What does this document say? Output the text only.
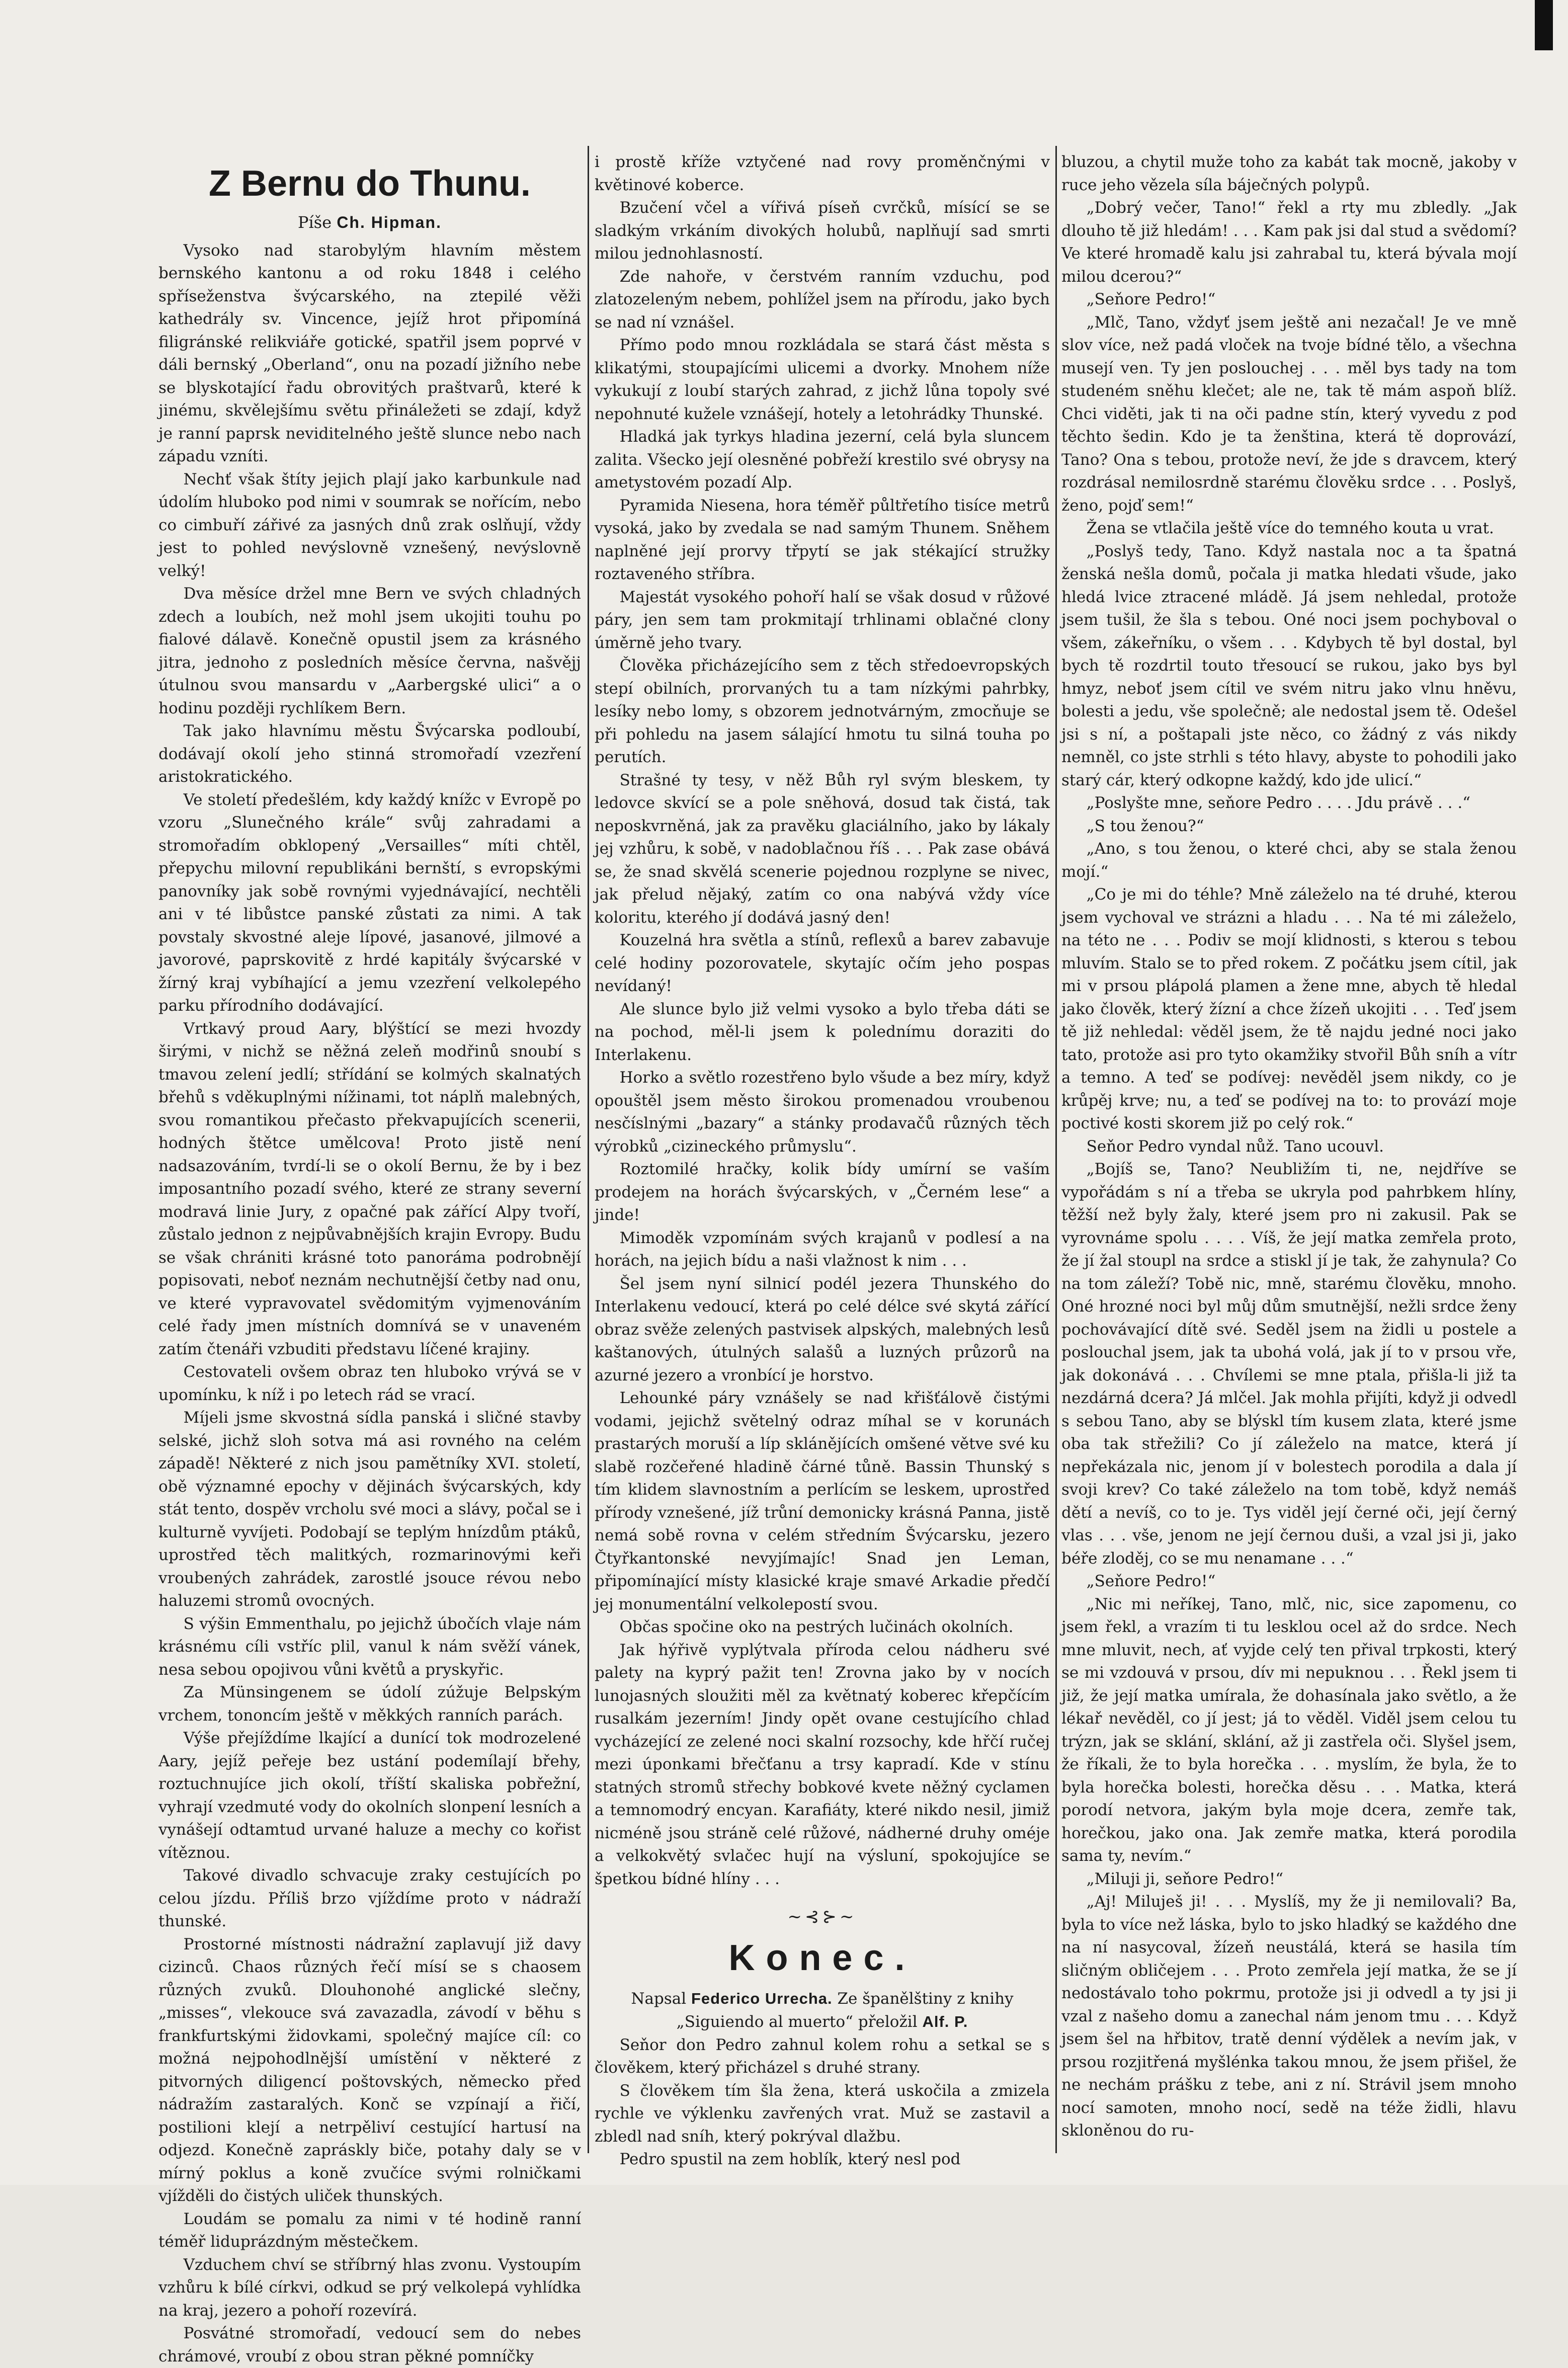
Z Bernu do Thunu.

Píše Ch. Hipman.

Vysoko nad starobylým hlavním městem bernského kantonu a od roku 1848 i celého spříseženstva švýcarského, na ztepilé věži kathedrály sv. Vincence, jejíž hrot připomíná filigránské relikviáře gotické, spatřil jsem poprvé v dáli bernský „Oberland“, onu na pozadí jižního nebe se blyskotající řadu obrovitých praštvarů, které k jinému, skvělejšímu světu přináležeti se zdají, když je ranní paprsk neviditelného ještě slunce nebo nach západu vzníti.

Nechť však štíty jejich plají jako karbunkule nad údolím hluboko pod nimi v soumrak se nořícím, nebo co cimbuří zářivé za jasných dnů zrak oslňují, vždy jest to pohled nevýslovně vznešený, nevýslovně velký!

Dva měsíce držel mne Bern ve svých chladných zdech a loubích, než mohl jsem ukojiti touhu po fialové dálavě. Konečně opustil jsem za krásného jitra, jednoho z posledních měsíce června, našvějj útulnou svou mansardu v „Aarbergské ulici“ a o hodinu později rychlíkem Bern.

Tak jako hlavnímu městu Švýcarska podloubí, dodávají okolí jeho stinná stromořadí vzezření aristokratického.

Ve století předešlém, kdy každý knížc v Evropě po vzoru „Slunečného krále“ svůj zahradami a stromořadím obklopený „Versailles“ míti chtěl, přepychu milovní republikáni bernští, s evropskými panovníky jak sobě rovnými vyjednávající, nechtěli ani v té libůstce panské zůstati za nimi. A tak povstaly skvostné aleje lípové, jasanové, jilmové a javorové, paprskovitě z hrdé kapitály švýcarské v žírný kraj vybíhající a jemu vzezření velkolepého parku přírodního dodávající.

Vrtkavý proud Aary, blýštící se mezi hvozdy širými, v nichž se něžná zeleň modřinů snoubí s tmavou zelení jedlí; střídání se kolmých skalnatých břehů s vděkuplnými nížinami, tot náplň malebných, svou romantikou přečasto překvapujících scenerii, hodných štětce umělcova! Proto jistě není nadsazováním, tvrdí-li se o okolí Bernu, že by i bez imposantního pozadí svého, které ze strany severní modravá linie Jury, z opačné pak zářící Alpy tvoří, zůstalo jednon z nejpůvabnějších krajin Evropy. Budu se však chrániti krásné toto panoráma podrobnějí popisovati, neboť neznám nechutnější četby nad onu, ve které vypravovatel svědomitým vyjmenováním celé řady jmen místních domnívá se v unaveném zatím čtenáři vzbuditi představu líčené krajiny.

Cestovateli ovšem obraz ten hluboko vrývá se v upomínku, k níž i po letech rád se vrací.

Míjeli jsme skvostná sídla panská i sličné stavby selské, jichž sloh sotva má asi rovného na celém západě! Některé z nich jsou pamětníky XVI. století, obě významné epochy v dějinách švýcarských, kdy stát tento, dospěv vrcholu své moci a slávy, počal se i kulturně vyvíjeti. Podobají se teplým hnízdům ptáků, uprostřed těch malitkých, rozmarinovými keři vroubených zahrádek, zarostlé jsouce révou nebo haluzemi stromů ovocných.

S výšin Emmenthalu, po jejichž úbočích vlaje nám krásnému cíli vstříc plil, vanul k nám svěží vánek, nesa sebou opojivou vůni květů a pryskyřic.

Za Münsingenem se údolí zúžuje Belpským vrchem, tononcím ještě v měkkých ranních parách.

Výše přejíždíme lkající a dunící tok modrozelené Aary, jejíž peřeje bez ustání podemílají břehy, roztuchnujíce jich okolí, tříští skaliska pobřežní, vyhrají vzedmuté vody do okolních slonpení lesních a vynášejí odtamtud urvané haluze a mechy co kořist vítěznou.

Takové divadlo schvacuje zraky cestujících po celou jízdu. Příliš brzo vjíždíme proto v nádraží thunské.

Prostorné místnosti nádražní zaplavují již davy cizinců. Chaos různých řečí mísí se s chaosem různých zvuků. Dlouhonohé anglické slečny, „misses“, vlekouce svá zavazadla, závodí v běhu s frankfurtskými židovkami, společný majíce cíl: co možná nejpohodlnější umístění v některé z pitvorných diligencí poštovských, německo před nádražím zastaralých. Konč se vzpínají a řičí, postilioni klejí a netrpěliví cestující hartusí na odjezd. Konečně zapráskly biče, potahy daly se v mírný poklus a koně zvučíce svými rolničkami vjížděli do čistých uliček thunských.

Loudám se pomalu za nimi v té hodině ranní téměř liduprázdným městečkem.

Vzduchem chví se stříbrný hlas zvonu. Vystoupím vzhůru k bílé církvi, odkud se prý velkolepá vyhlídka na kraj, jezero a pohoří rozevírá.

Posvátné stromořadí, vedoucí sem do nebes chrámové, vroubí z obou stran pěkné pomníčky

i prostě kříže vztyčené nad rovy proměnčnými v květinové koberce.

Bzučení včel a vířivá píseň cvrčků, mísící se se sladkým vrkáním divokých holubů, naplňují sad smrti milou jednohlasností.

Zde nahoře, v čerstvém ranním vzduchu, pod zlatozeleným nebem, pohlížel jsem na přírodu, jako bych se nad ní vznášel.

Přímo podo mnou rozkládala se stará část města s klikatými, stoupajícími ulicemi a dvorky. Mnohem níže vykukují z loubí starých zahrad, z jichž lůna topoly své nepohnuté kužele vznášejí, hotely a letohrádky Thunské.

Hladká jak tyrkys hladina jezerní, celá byla sluncem zalita. Všecko její olesněné pobřeží krestilo své obrysy na ametystovém pozadí Alp.

Pyramida Niesena, hora téměř půltřetího tisíce metrů vysoká, jako by zvedala se nad samým Thunem. Sněhem naplněné její prorvy třpytí se jak stékající stružky roztaveného stříbra.

Majestát vysokého pohoří halí se však dosud v růžové páry, jen sem tam prokmitají trhlinami oblačné clony úměrně jeho tvary.

Člověka přicházejícího sem z těch středoevropských stepí obilních, prorvaných tu a tam nízkými pahrbky, lesíky nebo lomy, s obzorem jednotvárným, zmocňuje se při pohledu na jasem sálající hmotu tu silná touha po perutích.

Strašné ty tesy, v něž Bůh ryl svým bleskem, ty ledovce skvící se a pole sněhová, dosud tak čistá, tak neposkvrněná, jak za pravěku glaciálního, jako by lákaly jej vzhůru, k sobě, v nadoblačnou říš . . . Pak zase obává se, že snad skvělá scenerie pojednou rozplyne se nivec, jak přelud nějaký, zatím co ona nabývá vždy více koloritu, kterého jí dodává jasný den!

Kouzelná hra světla a stínů, reflexů a barev zabavuje celé hodiny pozorovatele, skytajíc očím jeho pospas nevídaný!

Ale slunce bylo již velmi vysoko a bylo třeba dáti se na pochod, měl-li jsem k polednímu doraziti do Interlakenu.

Horko a světlo rozestřeno bylo všude a bez míry, když opouštěl jsem město širokou promenadou vroubenou nesčíslnými „bazary“ a stánky prodavačů různých těch výrobků „cizineckého průmyslu“.

Roztomilé hračky, kolik bídy umírní se vaším prodejem na horách švýcarských, v „Černém lese“ a jinde!

Mimoděk vzpomínám svých krajanů v podlesí a na horách, na jejich bídu a naši vlažnost k nim . . .

Šel jsem nyní silnicí podél jezera Thunského do Interlakenu vedoucí, která po celé délce své skytá zářící obraz svěže zelených pastvisek alpských, malebných lesů kaštanových, útulných salašů a luzných průzorů na azurné jezero a vronbící je horstvo.

Lehounké páry vznášely se nad křišťálově čistými vodami, jejichž světelný odraz míhal se v korunách prastarých moruší a líp sklánějících omšené větve své ku slabě rozčeřené hladině čárné tůně. Bassin Thunský s tím klidem slavnostním a perlícím se leskem, uprostřed přírody vznešené, jíž trůní demonicky krásná Panna, jistě nemá sobě rovna v celém středním Švýcarsku, jezero Čtyřkantonské nevyjímajíc! Snad jen Leman, připomínající místy klasické kraje smavé Arkadie předčí jej monumentální velkolepostí svou.

Občas spočine oko na pestrých lučinách okolních.

Jak hýřivě vyplýtvala příroda celou nádheru své palety na kyprý pažit ten! Zrovna jako by v nocích lunojasných sloužiti měl za květnatý koberec křepčícím rusalkám jezerním! Jindy opět ovane cestujícího chlad vycházející ze zelené noci skalní rozsochy, kde hřčí ručej mezi úponkami břečťanu a trsy kapradí. Kde v stínu statných stromů střechy bobkové kvete něžný cyclamen a temnomodrý encyan. Karafiáty, které nikdo nesil, jimiž nicméně jsou stráně celé růžové, nádherné druhy oméje a velkokvětý svlačec hují na výsluní, spokojujíce se špetkou bídné hlíny . . .

~⊰⊱~
Konec.

Napsal Federico Urrecha. Ze španělštiny z knihy „Siguiendo al muerto“ přeložil Alf. P.

Seňor don Pedro zahnul kolem rohu a setkal se s člověkem, který přicházel s druhé strany.

S člověkem tím šla žena, která uskočila a zmizela rychle ve výklenku zavřených vrat. Muž se zastavil a zbledl nad sníh, který pokrýval dlažbu.

Pedro spustil na zem hoblík, který nesl pod

bluzou, a chytil muže toho za kabát tak mocně, jakoby v ruce jeho vězela síla báječných polypů.

„Dobrý večer, Tano!“ řekl a rty mu zbledly. „Jak dlouho tě již hledám! . . . Kam pak jsi dal stud a svědomí? Ve které hromadě kalu jsi zahrabal tu, která bývala mojí milou dcerou?“

„Seňore Pedro!“

„Mlč, Tano, vždyť jsem ještě ani nezačal! Je ve mně slov více, než padá vloček na tvoje bídné tělo, a všechna musejí ven. Ty jen poslouchej . . . měl bys tady na tom studeném sněhu klečet; ale ne, tak tě mám aspoň blíž. Chci viděti, jak ti na oči padne stín, který vyvedu z pod těchto šedin. Kdo je ta ženština, která tě doprovází, Tano? Ona s tebou, protože neví, že jde s dravcem, který rozdrásal nemilosrdně starému člověku srdce . . . Poslyš, ženo, pojď sem!“

Žena se vtlačila ještě více do temného kouta u vrat.

„Poslyš tedy, Tano. Když nastala noc a ta špatná ženská nešla domů, počala ji matka hledati všude, jako hledá lvice ztracené mládě. Já jsem nehledal, protože jsem tušil, že šla s tebou. Oné noci jsem pochyboval o všem, zákeřníku, o všem . . . Kdybych tě byl dostal, byl bych tě rozdrtil touto třesoucí se rukou, jako bys byl hmyz, neboť jsem cítil ve svém nitru jako vlnu hněvu, bolesti a jedu, vše společně; ale nedostal jsem tě. Odešel jsi s ní, a poštapali jste něco, co žádný z vás nikdy nemněl, co jste strhli s této hlavy, abyste to pohodili jako starý cár, který odkopne každý, kdo jde ulicí.“

„Poslyšte mne, seňore Pedro . . . . Jdu právě . . .“

„S tou ženou?“

„Ano, s tou ženou, o které chci, aby se stala ženou mojí.“

„Co je mi do téhle? Mně záleželo na té druhé, kterou jsem vychoval ve strázni a hladu . . . Na té mi záleželo, na této ne . . . Podiv se mojí klidnosti, s kterou s tebou mluvím. Stalo se to před rokem. Z počátku jsem cítil, jak mi v prsou plápolá plamen a žene mne, abych tě hledal jako člověk, který žízní a chce žízeň ukojiti . . . Teď jsem tě již nehledal: věděl jsem, že tě najdu jedné noci jako tato, protože asi pro tyto okamžiky stvořil Bůh sníh a vítr a temno. A teď se podívej: nevěděl jsem nikdy, co je krůpěj krve; nu, a teď se podívej na to: to provází moje poctivé kosti skorem již po celý rok.“

Seňor Pedro vyndal nůž. Tano ucouvl.

„Bojíš se, Tano? Neubližím ti, ne, nejdříve se vypořádám s ní a třeba se ukryla pod pahrbkem hlíny, těžší než byly žaly, které jsem pro ni zakusil. Pak se vyrovnáme spolu . . . . Víš, že její matka zemřela proto, že jí žal stoupl na srdce a stiskl jí je tak, že zahynula? Co na tom záleží? Tobě nic, mně, starému člověku, mnoho. Oné hrozné noci byl můj dům smutnější, nežli srdce ženy pochovávající dítě své. Seděl jsem na židli u postele a poslouchal jsem, jak ta ubohá volá, jak jí to v prsou vře, jak dokonává . . . Chvílemi se mne ptala, přišla-li již ta nezdárná dcera? Já mlčel. Jak mohla přijíti, když ji odvedl s sebou Tano, aby se blýskl tím kusem zlata, které jsme oba tak střežili? Co jí záleželo na matce, která jí nepřekázala nic, jenom jí v bolestech porodila a dala jí svoji krev? Co také záleželo na tom tobě, když nemáš dětí a nevíš, co to je. Tys viděl její černé oči, její černý vlas . . . vše, jenom ne její černou duši, a vzal jsi ji, jako béře zloděj, co se mu nenamane . . .“

„Seňore Pedro!“

„Nic mi neříkej, Tano, mlč, nic, sice zapomenu, co jsem řekl, a vrazím ti tu lesklou ocel až do srdce. Nech mne mluvit, nech, ať vyjde celý ten přival trpkosti, který se mi vzdouvá v prsou, dív mi nepuknou . . . Řekl jsem ti již, že její matka umírala, že dohasínala jako světlo, a že lékař nevěděl, co jí jest; já to věděl. Viděl jsem celou tu trýzn, jak se sklání, sklání, až ji zastřela oči. Slyšel jsem, že říkali, že to byla horečka . . . myslím, že byla, že to byla horečka bolesti, horečka děsu . . . Matka, která porodí netvora, jakým byla moje dcera, zemře tak, horečkou, jako ona. Jak zemře matka, která porodila sama ty, nevím.“

„Miluji ji, seňore Pedro!“

„Aj! Miluješ ji! . . . Myslíš, my že ji nemilovali? Ba, byla to více než láska, bylo to jsko hladký se každého dne na ní nasycoval, žízeň neustálá, která se hasila tím sličným obličejem . . . Proto zemřela její matka, že se jí nedostávalo toho pokrmu, protože jsi ji odvedl a ty jsi ji vzal z našeho domu a zanechal nám jenom tmu . . . Když jsem šel na hřbitov, tratě denní výdělek a nevím jak, v prsou rozjitřená myšlénka takou mnou, že jsem přišel, že ne nechám prášku z tebe, ani z ní. Strávil jsem mnoho nocí samoten, mnoho nocí, sedě na téže židli, hlavu skloněnou do ru-
